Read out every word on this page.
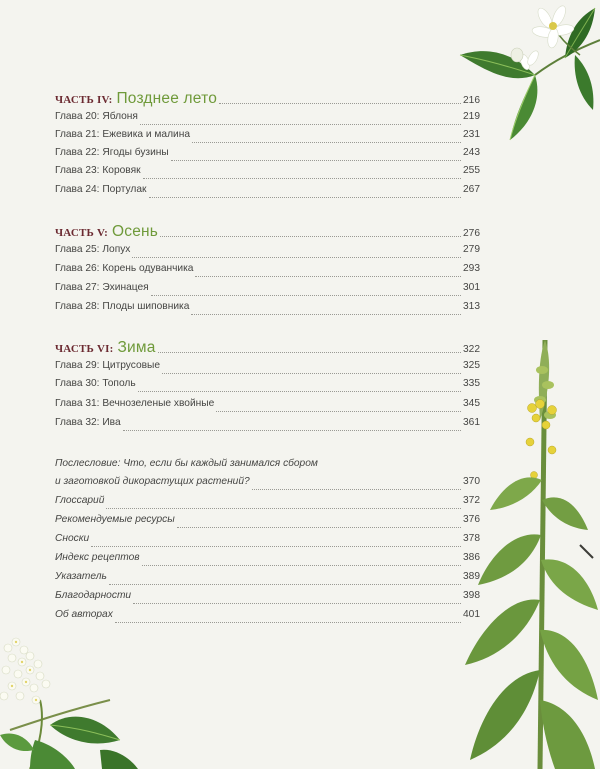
ЧАСТЬ IV: Позднее лето	216
Глава 20: Яблоня	219
Глава 21: Ежевика и малина	231
Глава 22: Ягоды бузины	243
Глава 23: Коровяк	255
Глава 24: Портулак	267
ЧАСТЬ V: Осень	276
Глава 25: Лопух	279
Глава 26: Корень одуванчика	293
Глава 27: Эхинацея	301
Глава 28: Плоды шиповника	313
ЧАСТЬ VI: Зима	322
Глава 29: Цитрусовые	325
Глава 30: Тополь	335
Глава 31: Вечнозеленые хвойные	345
Глава 32: Ива	361
Послесловие: Что, если бы каждый занимался сбором
и заготовкой дикорастущих растений?	370
Глоссарий	372
Рекомендуемые ресурсы	376
Сноски	378
Индекс рецептов	386
Указатель	389
Благодарности	398
Об авторах	401
